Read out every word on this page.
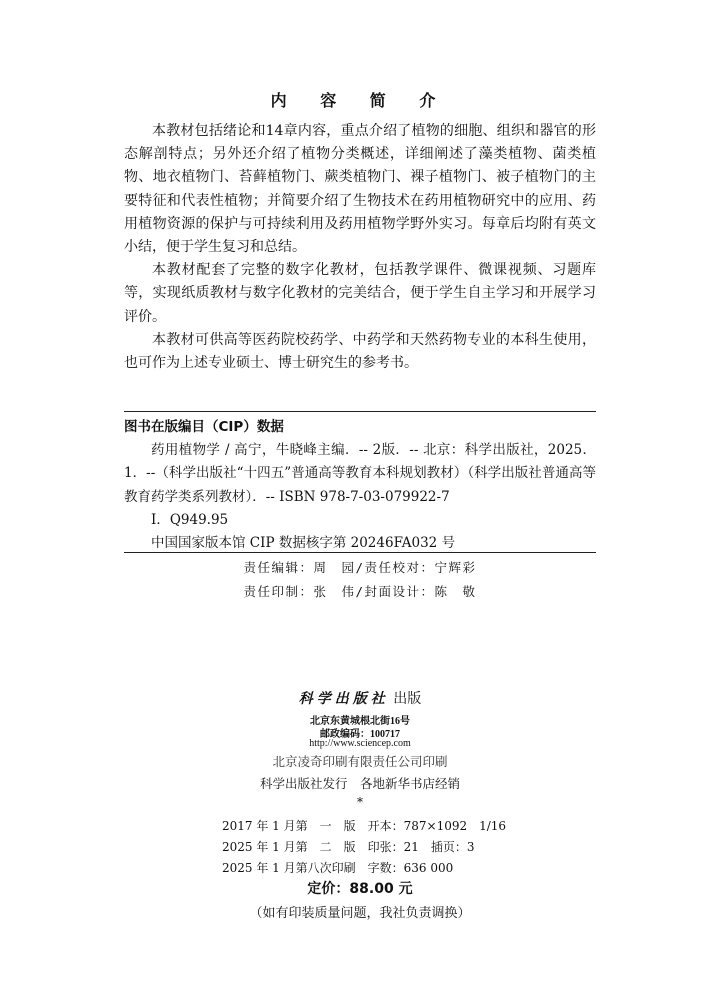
内 容 简 介

本教材包括绪论和14章内容，重点介绍了植物的细胞、组织和器官的形态解剖特点；另外还介绍了植物分类概述，详细阐述了藻类植物、菌类植物、地衣植物门、苔藓植物门、蕨类植物门、裸子植物门、被子植物门的主要特征和代表性植物；并简要介绍了生物技术在药用植物研究中的应用、药用植物资源的保护与可持续利用及药用植物学野外实习。每章后均附有英文小结，便于学生复习和总结。

本教材配套了完整的数字化教材，包括教学课件、微课视频、习题库等，实现纸质教材与数字化教材的完美结合，便于学生自主学习和开展学习评价。

本教材可供高等医药院校药学、中药学和天然药物专业的本科生使用，也可作为上述专业硕士、博士研究生的参考书。

图书在版编目（CIP）数据

药用植物学 / 高宁，牛晓峰主编．-- 2版．-- 北京：科学出版社，2025．1．--（科学出版社“十四五”普通高等教育本科规划教材）（科学出版社普通高等教育药学类系列教材）．-- ISBN 978-7-03-079922-7

Ⅰ．Q949.95

中国国家版本馆 CIP 数据核字第 20246FA032 号

责任编辑：周　园/责任校对：宁辉彩
责任印制：张　伟/封面设计：陈　敬
科学出版社 出版
北京东黄城根北街16号
邮政编码：100717
http://www.sciencep.com
北京凌奇印刷有限责任公司印刷
科学出版社发行　各地新华书店经销
*
2017 年 1 月第　一　版　开本：787×1092　1/16
2025 年 1 月第　二　版　印张：21　插页：3
2025 年 1 月第八次印刷　字数：636 000
定价：88.00 元
（如有印装质量问题，我社负责调换）
